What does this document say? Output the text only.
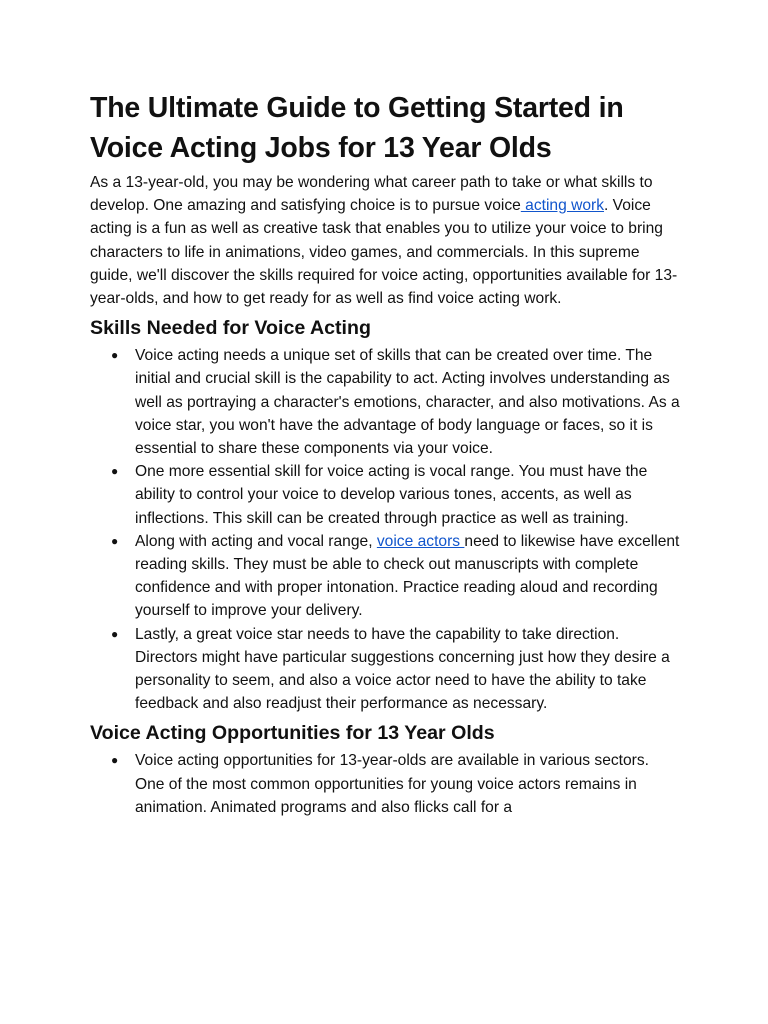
The Ultimate Guide to Getting Started in Voice Acting Jobs for 13 Year Olds

As a 13-year-old, you may be wondering what career path to take or what skills to develop. One amazing and satisfying choice is to pursue voice acting work. Voice acting is a fun as well as creative task that enables you to utilize your voice to bring characters to life in animations, video games, and commercials. In this supreme guide, we'll discover the skills required for voice acting, opportunities available for 13-year-olds, and how to get ready for as well as find voice acting work.

Skills Needed for Voice Acting
● Voice acting needs a unique set of skills that can be created over time. The initial and crucial skill is the capability to act. Acting involves understanding as well as portraying a character's emotions, character, and also motivations. As a voice star, you won't have the advantage of body language or faces, so it is essential to share these components via your voice.
● One more essential skill for voice acting is vocal range. You must have the ability to control your voice to develop various tones, accents, as well as inflections. This skill can be created through practice as well as training.
● Along with acting and vocal range, voice actors need to likewise have excellent reading skills. They must be able to check out manuscripts with complete confidence and with proper intonation. Practice reading aloud and recording yourself to improve your delivery.
● Lastly, a great voice star needs to have the capability to take direction. Directors might have particular suggestions concerning just how they desire a personality to seem, and also a voice actor need to have the ability to take feedback and also readjust their performance as necessary.
Voice Acting Opportunities for 13 Year Olds
● Voice acting opportunities for 13-year-olds are available in various sectors. One of the most common opportunities for young voice actors remains in animation. Animated programs and also flicks call for a
